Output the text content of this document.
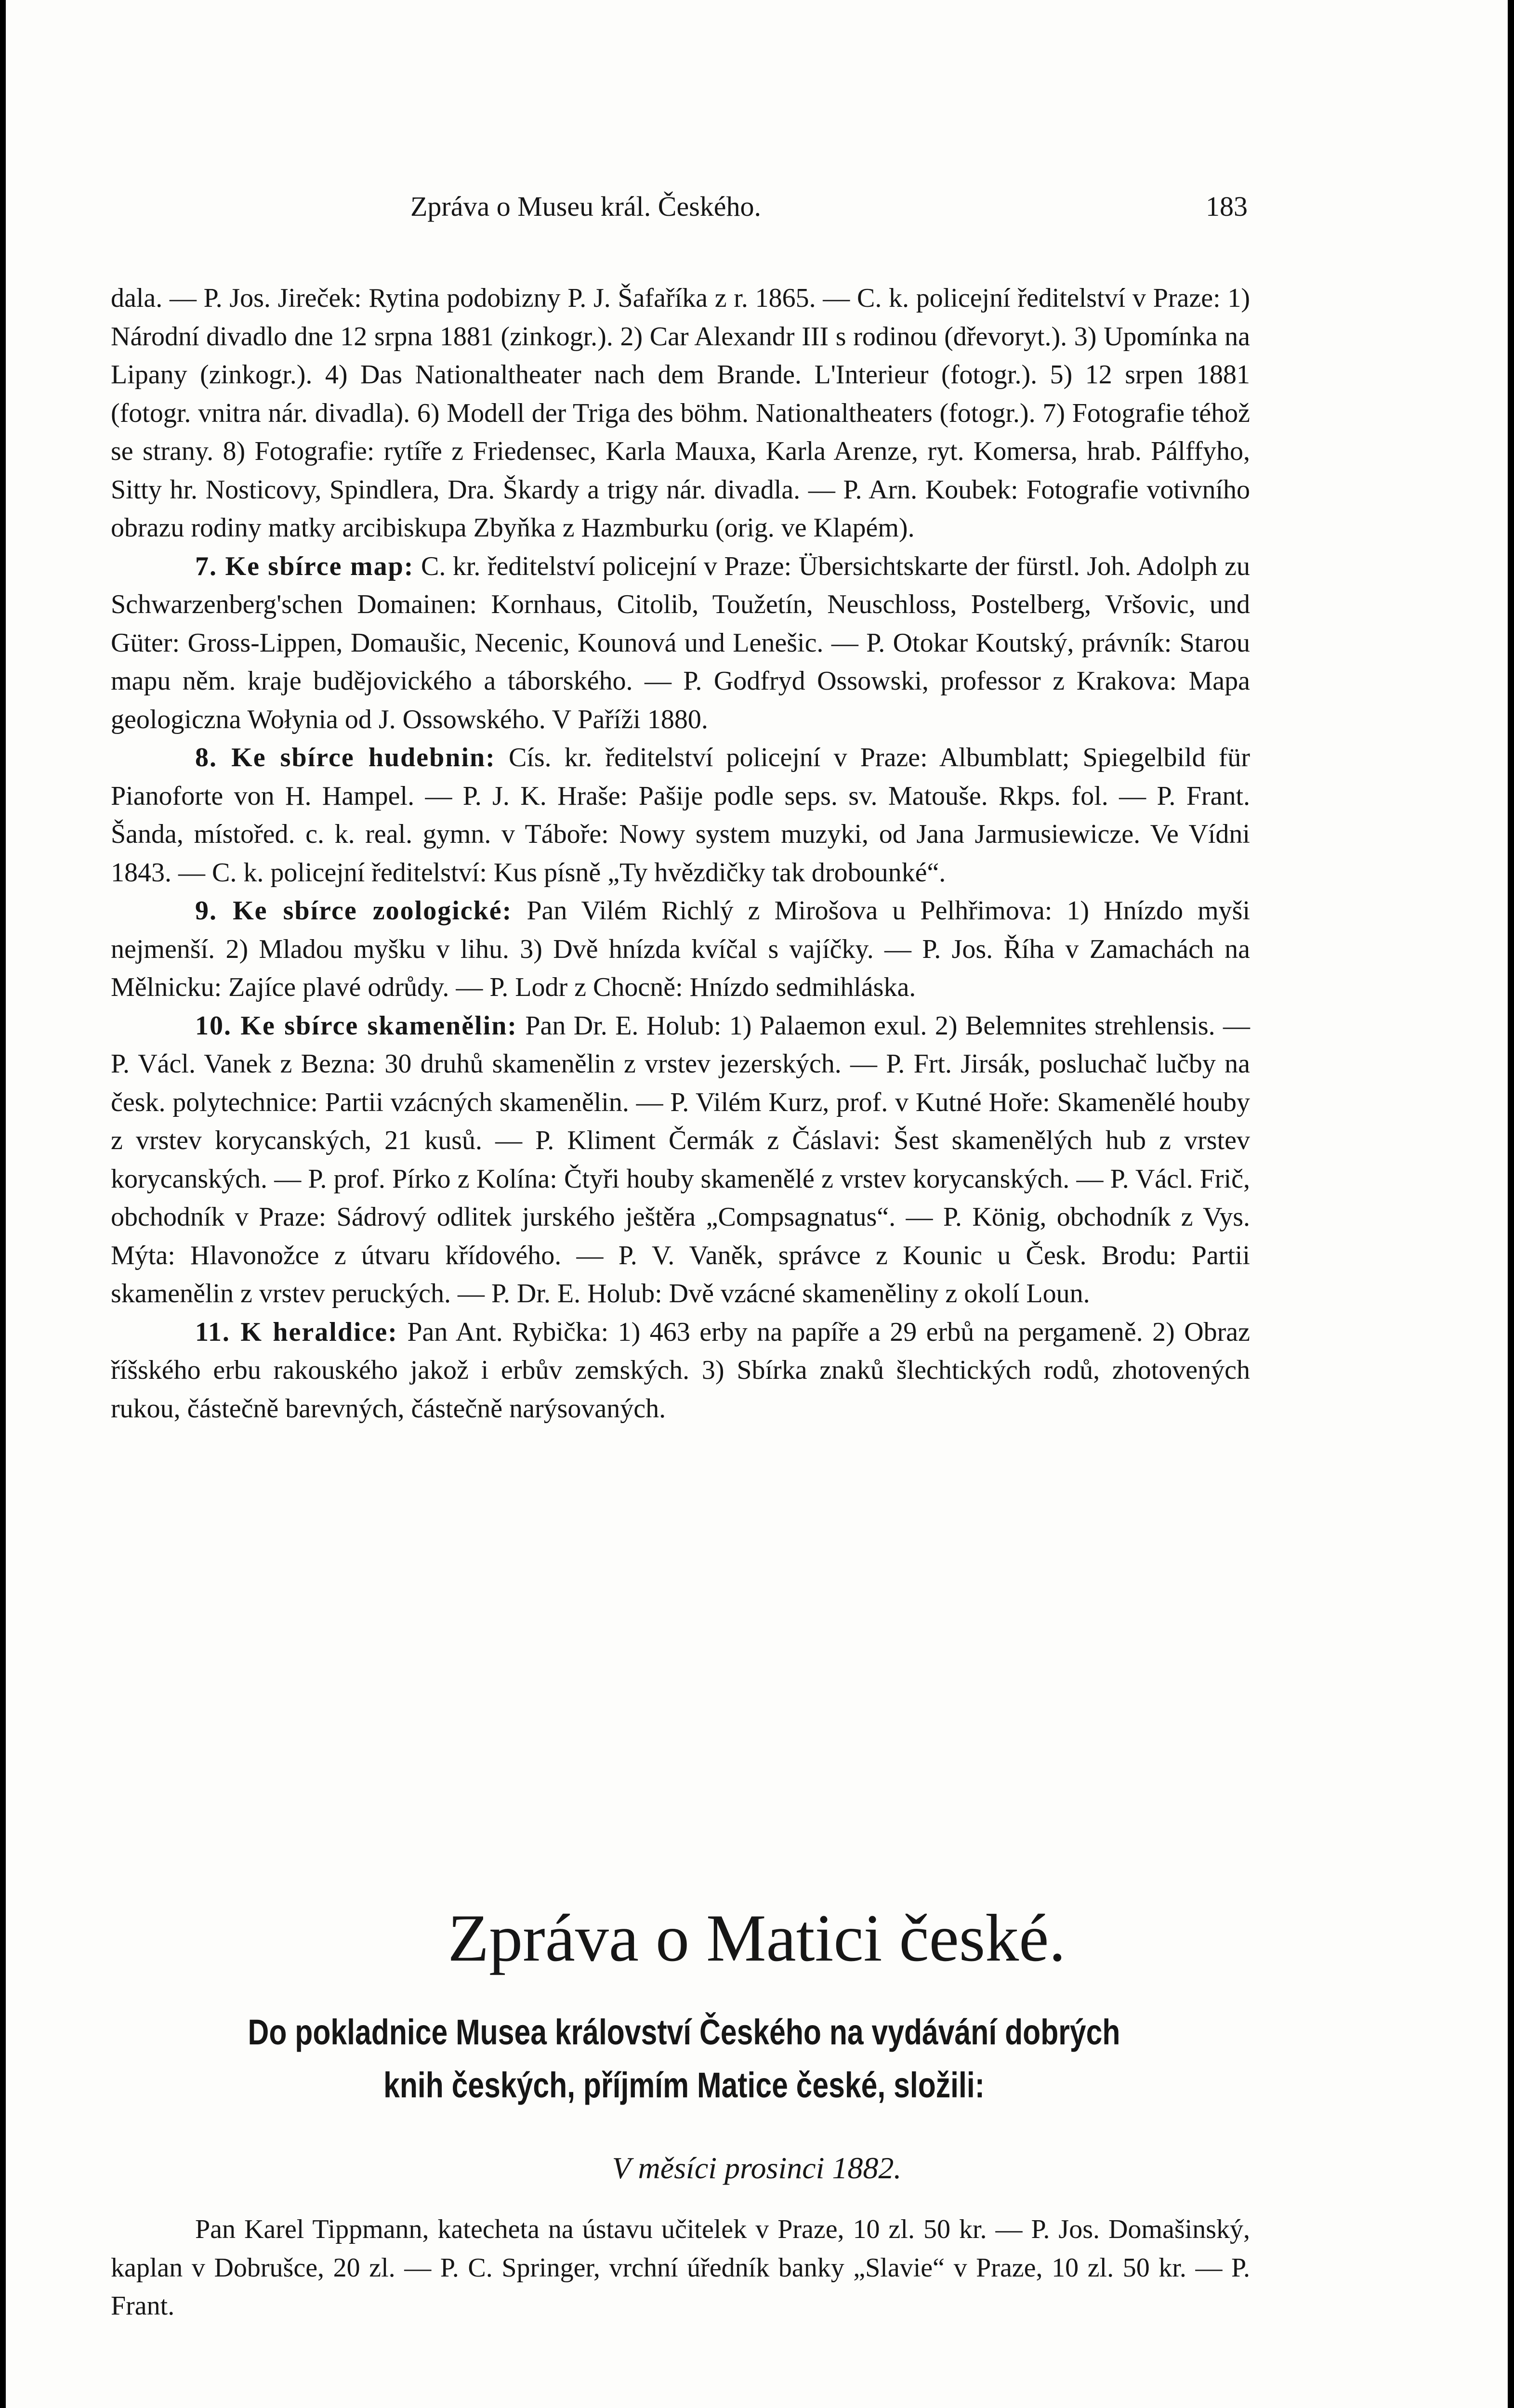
Zpráva o Museu král. Českého.	183

dala. — P. Jos. Jireček: Rytina podobizny P. J. Šafaříka z r. 1865. — C. k. policejní ředitelství v Praze: 1) Národní divadlo dne 12 srpna 1881 (zinkogr.). 2) Car Alexandr III s rodinou (dřevoryt.). 3) Upomínka na Lipany (zinkogr.). 4) Das Nationaltheater nach dem Brande. L'Interieur (fotogr.). 5) 12 srpen 1881 (fotogr. vnitra nár. divadla). 6) Modell der Triga des böhm. Nationaltheaters (fotogr.). 7) Fotografie téhož se strany. 8) Fotografie: rytíře z Friedensec, Karla Mauxa, Karla Arenze, ryt. Komersa, hrab. Pálffyho, Sitty hr. Nosticovy, Spindlera, Dra. Škardy a trigy nár. divadla. — P. Arn. Koubek: Fotografie votivního obrazu rodiny matky arcibiskupa Zbyňka z Hazmburku (orig. ve Klapém).

7. Ke sbírce map: C. kr. ředitelství policejní v Praze: Übersichtskarte der fürstl. Joh. Adolph zu Schwarzenberg'schen Domainen: Kornhaus, Citolib, Toužetín, Neuschloss, Postelberg, Vršovic, und Güter: Gross-Lippen, Domaušic, Necenic, Kounová und Lenešic. — P. Otokar Koutský, právník: Starou mapu něm. kraje budějovického a táborského. — P. Godfryd Ossowski, professor z Krakova: Mapa geologiczna Wołynia od J. Ossowského. V Paříži 1880.

8. Ke sbírce hudebnin: Cís. kr. ředitelství policejní v Praze: Albumblatt; Spiegelbild für Pianoforte von H. Hampel. — P. J. K. Hraše: Pašije podle seps. sv. Matouše. Rkps. fol. — P. Frant. Šanda, místořed. c. k. real. gymn. v Táboře: Nowy system muzyki, od Jana Jarmusiewicze. Ve Vídni 1843. — C. k. policejní ředitelství: Kus písně „Ty hvězdičky tak drobounké“.

9. Ke sbírce zoologické: Pan Vilém Richlý z Mirošova u Pelhřimova: 1) Hnízdo myši nejmenší. 2) Mladou myšku v lihu. 3) Dvě hnízda kvíčal s vajíčky. — P. Jos. Říha v Zamachách na Mělnicku: Zajíce plavé odrůdy. — P. Lodr z Chocně: Hnízdo sedmihláska.

10. Ke sbírce skamenělin: Pan Dr. E. Holub: 1) Palaemon exul. 2) Belemnites strehlensis. — P. Václ. Vanek z Bezna: 30 druhů skamenělin z vrstev jezerských. — P. Frt. Jirsák, posluchač lučby na česk. polytechnice: Partii vzácných skamenělin. — P. Vilém Kurz, prof. v Kutné Hoře: Skamenělé houby z vrstev korycanských, 21 kusů. — P. Kliment Čermák z Čáslavi: Šest skamenělých hub z vrstev korycanských. — P. prof. Pírko z Kolína: Čtyři houby skamenělé z vrstev korycanských. — P. Václ. Frič, obchodník v Praze: Sádrový odlitek jurského ještěra „Compsagnatus“. — P. König, obchodník z Vys. Mýta: Hlavonožce z útvaru křídového. — P. V. Vaněk, správce z Kounic u Česk. Brodu: Partii skamenělin z vrstev peruckých. — P. Dr. E. Holub: Dvě vzácné skameněliny z okolí Loun.

11. K heraldice: Pan Ant. Rybička: 1) 463 erby na papíře a 29 erbů na pergameně. 2) Obraz říšského erbu rakouského jakož i erbův zemských. 3) Sbírka znaků šlechtických rodů, zhotovených rukou, částečně barevných, částečně narýsovaných.

Zpráva o Matici české.
Do pokladnice Musea království Českého na vydávání dobrých knih českých, příjmím Matice české, složili:
V měsíci prosinci 1882.
Pan Karel Tippmann, katecheta na ústavu učitelek v Praze, 10 zl. 50 kr. — P. Jos. Domašinský, kaplan v Dobrušce, 20 zl. — P. C. Springer, vrchní úředník banky „Slavie“ v Praze, 10 zl. 50 kr. — P. Frant.
